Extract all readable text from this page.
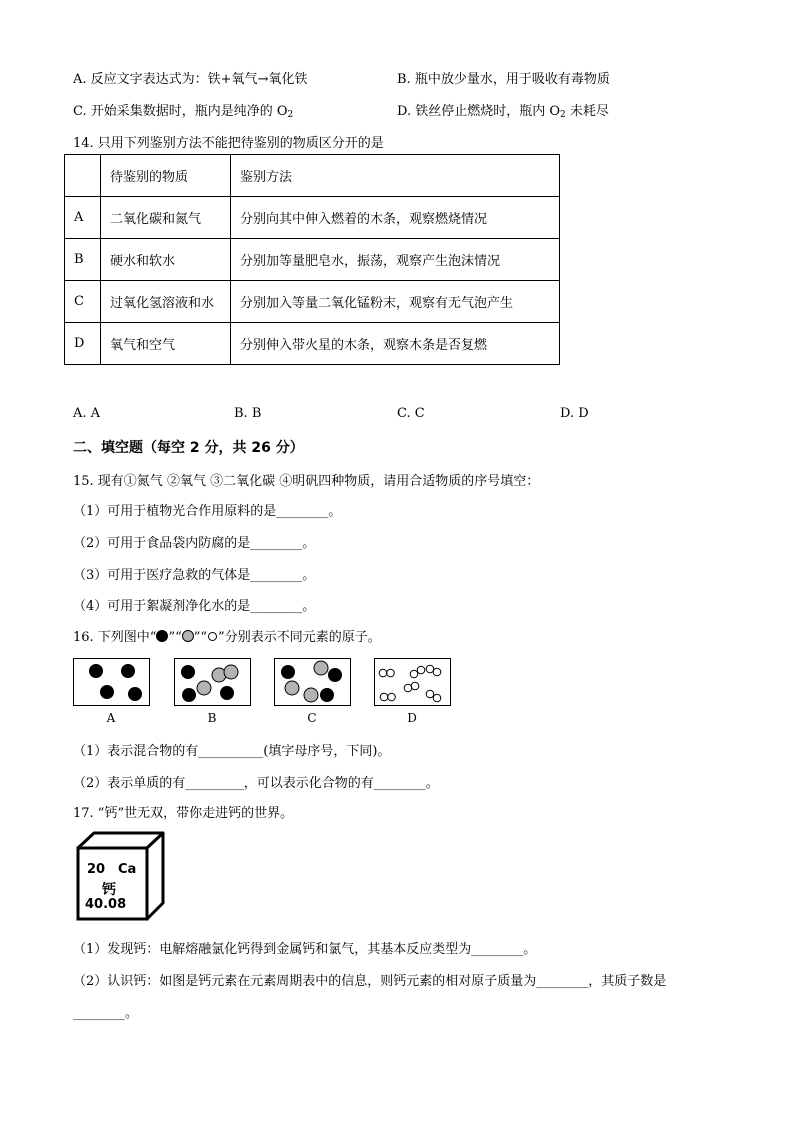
A. 反应文字表达式为：铁+氧气→氧化铁	B. 瓶中放少量水，用于吸收有毒物质
C. 开始采集数据时，瓶内是纯净的 $O_2$	D. 铁丝停止燃烧时，瓶内 $O_2$ 未耗尽
14. 只用下列鉴别方法不能把待鉴别的物质区分开的是
	待鉴别的物质	鉴别方法
A	二氧化碳和氮气	分别向其中伸入燃着的木条，观察燃烧情况
B	硬水和软水	分别加等量肥皂水，振荡，观察产生泡沫情况
C	过氧化氢溶液和水	分别加入等量二氧化锰粉末，观察有无气泡产生
D	氧气和空气	分别伸入带火星的木条，观察木条是否复燃
A. A	B. B	C. C	D. D
二、填空题（每空 2 分，共 26 分）
15. 现有①氮气 ②氧气 ③二氧化碳 ④明矾四种物质，请用合适物质的序号填空：
（1）可用于植物光合作用原料的是________。
（2）可用于食品袋内防腐的是________。
（3）可用于医疗急救的气体是________。
（4）可用于絮凝剂净化水的是________。
16. 下列图中“ ”“ ”“ ”分别表示不同元素的原子。
A	B	C	D
（1）表示混合物的有__________(填字母序号，下同)。
（2）表示单质的有_________，可以表示化合物的有________。
17. “钙”世无双，带你走进钙的世界。
20 Ca
钙
40.08
（1）发现钙：电解熔融氯化钙得到金属钙和氯气，其基本反应类型为________。
（2）认识钙：如图是钙元素在元素周期表中的信息，则钙元素的相对原子质量为________，其质子数是
________。
